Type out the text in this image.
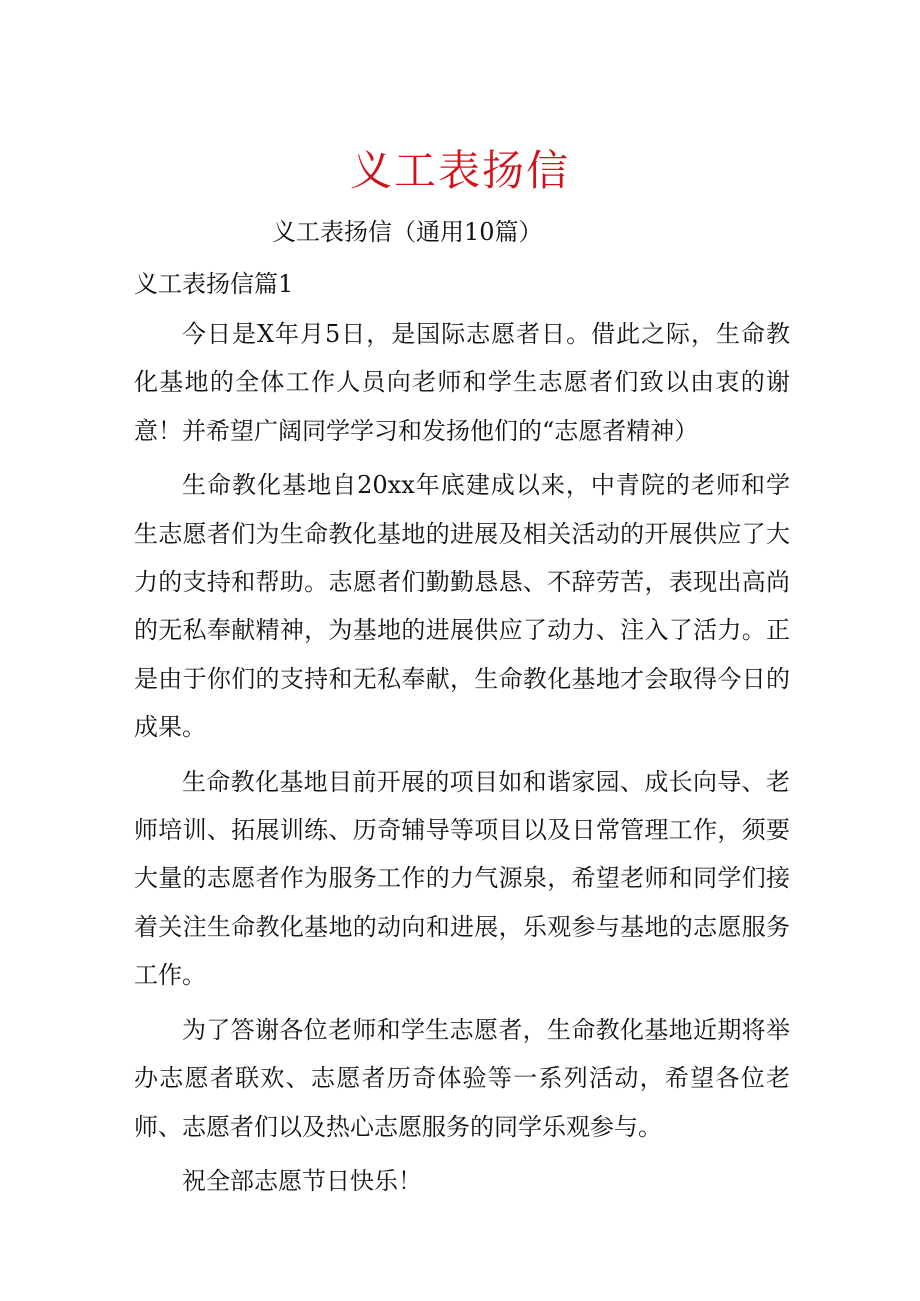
义工表扬信
义工表扬信（通用10篇）
义工表扬信篇1

今日是X年月5日，是国际志愿者日。借此之际，生命教化基地的全体工作人员向老师和学生志愿者们致以由衷的谢意！并希望广阔同学学习和发扬他们的“志愿者精神）

生命教化基地自20xx年底建成以来，中青院的老师和学生志愿者们为生命教化基地的进展及相关活动的开展供应了大力的支持和帮助。志愿者们勤勤恳恳、不辞劳苦，表现出高尚的无私奉献精神，为基地的进展供应了动力、注入了活力。正是由于你们的支持和无私奉献，生命教化基地才会取得今日的成果。

生命教化基地目前开展的项目如和谐家园、成长向导、老师培训、拓展训练、历奇辅导等项目以及日常管理工作，须要大量的志愿者作为服务工作的力气源泉，希望老师和同学们接着关注生命教化基地的动向和进展，乐观参与基地的志愿服务工作。

为了答谢各位老师和学生志愿者，生命教化基地近期将举办志愿者联欢、志愿者历奇体验等一系列活动，希望各位老师、志愿者们以及热心志愿服务的同学乐观参与。

祝全部志愿节日快乐！
